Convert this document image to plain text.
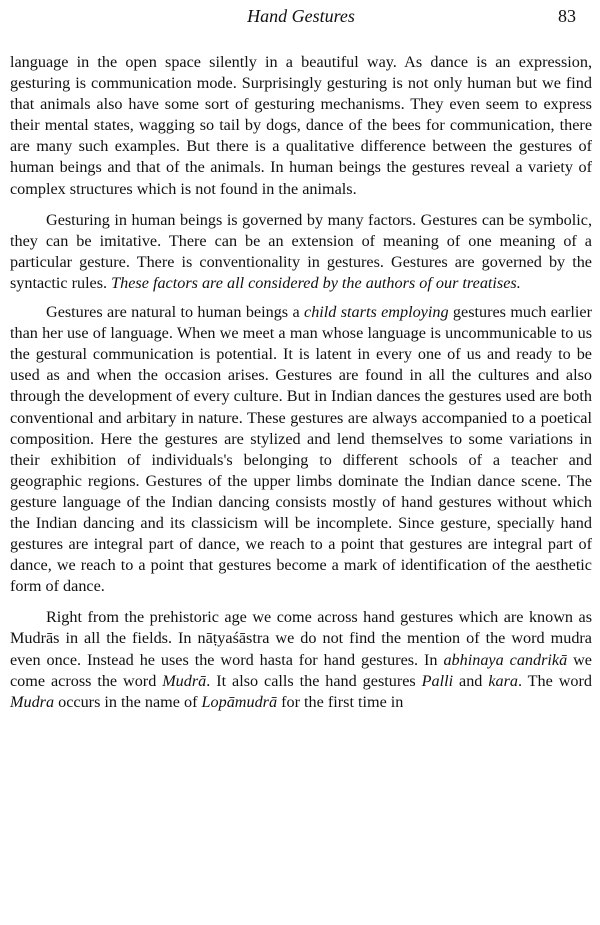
Hand Gestures	83

language in the open space silently in a beautiful way. As dance is an expression, gesturing is communication mode. Surprisingly gesturing is not only human but we find that animals also have some sort of gesturing mechanisms. They even seem to express their mental states, wagging so tail by dogs, dance of the bees for communication, there are many such examples. But there is a qualitative difference between the gestures of human beings and that of the animals. In human beings the gestures reveal a variety of complex structures which is not found in the animals.

Gesturing in human beings is governed by many factors. Gestures can be symbolic, they can be imitative. There can be an extension of meaning of one meaning of a particular gesture. There is conventionality in gestures. Gestures are governed by the syntactic rules. These factors are all considered by the authors of our treatises.

Gestures are natural to human beings a child starts employing gestures much earlier than her use of language. When we meet a man whose language is uncommunicable to us the gestural communication is potential. It is latent in every one of us and ready to be used as and when the occasion arises. Gestures are found in all the cultures and also through the development of every culture. But in Indian dances the gestures used are both conventional and arbitary in nature. These gestures are always accompanied to a poetical composition. Here the gestures are stylized and lend themselves to some variations in their exhibition of individuals's belonging to different schools of a teacher and geographic regions. Gestures of the upper limbs dominate the Indian dance scene. The gesture language of the Indian dancing consists mostly of hand gestures without which the Indian dancing and its classicism will be incomplete. Since gesture, specially hand gestures are integral part of dance, we reach to a point that gestures are integral part of dance, we reach to a point that gestures become a mark of identification of the aesthetic form of dance.

Right from the prehistoric age we come across hand gestures which are known as Mudrās in all the fields. In nāṭyaśāstra we do not find the mention of the word mudra even once. Instead he uses the word hasta for hand gestures. In abhinaya candrikā we come across the word Mudrā. It also calls the hand gestures Palli and kara. The word Mudra occurs in the name of Lopāmudrā for the first time in
